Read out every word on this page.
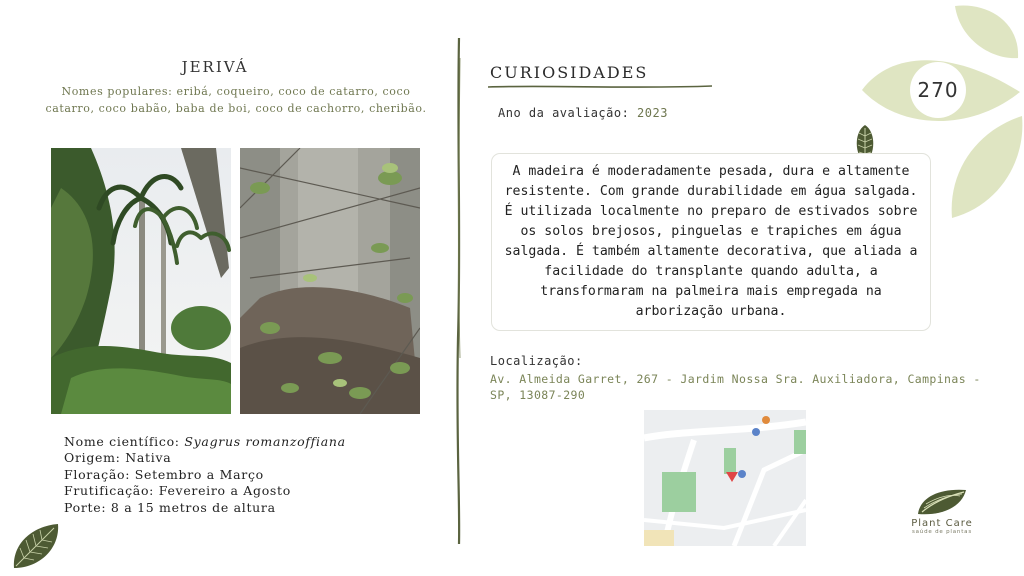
270
JERIVÁ
Nomes populares: eribá, coqueiro, coco de catarro, coco catarro, coco babão, baba de boi, coco de cachorro, cheribão.
Nome científico: Syagrus romanzoffiana
Origem: Nativa
Floração: Setembro a Março
Frutificação: Fevereiro a Agosto
Porte: 8 a 15 metros de altura
CURIOSIDADES
Ano da avaliação: 2023
A madeira é moderadamente pesada, dura e altamente resistente. Com grande durabilidade em água salgada. É utilizada localmente no preparo de estivados sobre os solos brejosos, pinguelas e trapiches em água salgada. É também altamente decorativa, que aliada a facilidade do transplante quando adulta, a transformaram na palmeira mais empregada na arborização urbana.
Localização:
Av. Almeida Garret, 267 - Jardim Nossa Sra. Auxiliadora, Campinas - SP, 13087-290
Plant Care
saúde de plantas
